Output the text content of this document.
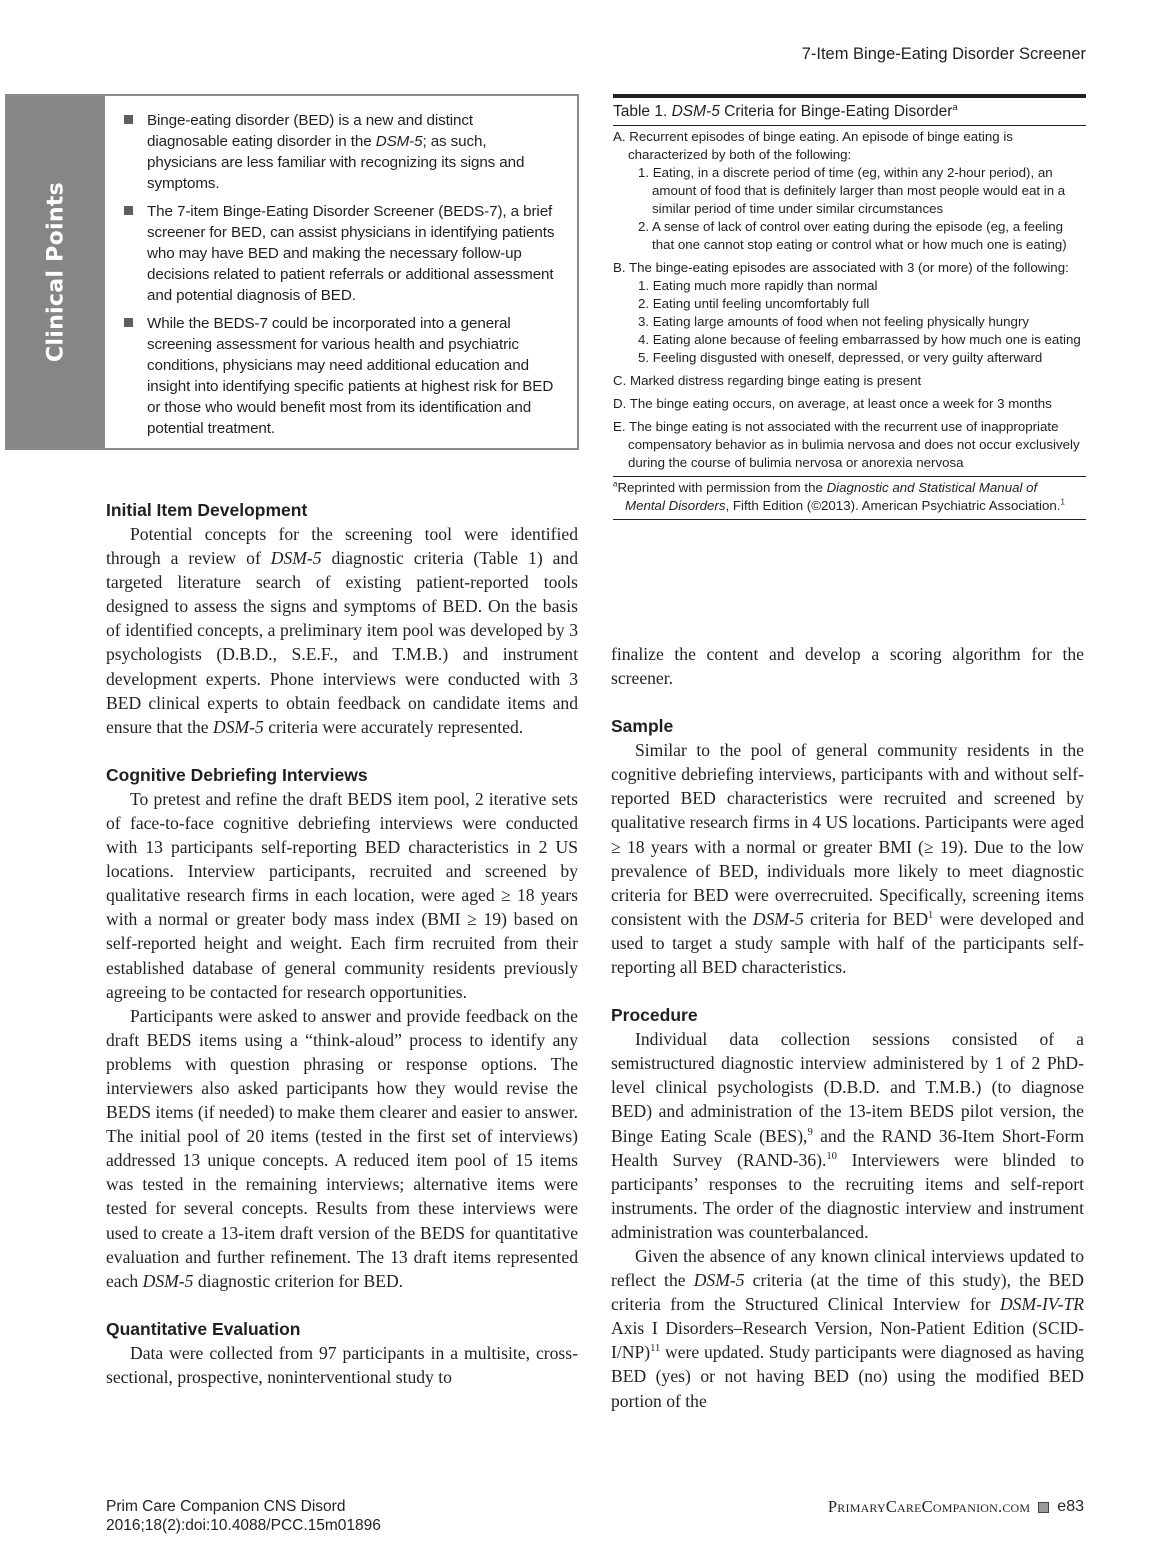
7-Item Binge-Eating Disorder Screener
Clinical Points
Binge-eating disorder (BED) is a new and distinct diagnosable eating disorder in the DSM-5; as such, physicians are less familiar with recognizing its signs and symptoms.
The 7-item Binge-Eating Disorder Screener (BEDS-7), a brief screener for BED, can assist physicians in identifying patients who may have BED and making the necessary follow-up decisions related to patient referrals or additional assessment and potential diagnosis of BED.
While the BEDS-7 could be incorporated into a general screening assessment for various health and psychiatric conditions, physicians may need additional education and insight into identifying specific patients at highest risk for BED or those who would benefit most from its identification and potential treatment.
Table 1. DSM-5 Criteria for Binge-Eating Disorder$^a$
A. Recurrent episodes of binge eating. An episode of binge eating is characterized by both of the following:
1. Eating, in a discrete period of time (eg, within any 2-hour period), an amount of food that is definitely larger than most people would eat in a similar period of time under similar circumstances
2. A sense of lack of control over eating during the episode (eg, a feeling that one cannot stop eating or control what or how much one is eating)
B. The binge-eating episodes are associated with 3 (or more) of the following:
1. Eating much more rapidly than normal
2. Eating until feeling uncomfortably full
3. Eating large amounts of food when not feeling physically hungry
4. Eating alone because of feeling embarrassed by how much one is eating
5. Feeling disgusted with oneself, depressed, or very guilty afterward
C. Marked distress regarding binge eating is present
D. The binge eating occurs, on average, at least once a week for 3 months
E. The binge eating is not associated with the recurrent use of inappropriate compensatory behavior as in bulimia nervosa and does not occur exclusively during the course of bulimia nervosa or anorexia nervosa
$^a$Reprinted with permission from the Diagnostic and Statistical Manual of
Mental Disorders, Fifth Edition (©2013). American Psychiatric Association.$^1$
Initial Item Development
Potential concepts for the screening tool were identified through a review of DSM-5 diagnostic criteria (Table 1) and targeted literature search of existing patient-reported tools designed to assess the signs and symptoms of BED. On the basis of identified concepts, a preliminary item pool was developed by 3 psychologists (D.B.D., S.E.F., and T.M.B.) and instrument development experts. Phone interviews were conducted with 3 BED clinical experts to obtain feedback on candidate items and ensure that the DSM-5 criteria were accurately represented.
Cognitive Debriefing Interviews
To pretest and refine the draft BEDS item pool, 2 iterative sets of face-to-face cognitive debriefing interviews were conducted with 13 participants self-reporting BED characteristics in 2 US locations. Interview participants, recruited and screened by qualitative research firms in each location, were aged ≥ 18 years with a normal or greater body mass index (BMI ≥ 19) based on self-reported height and weight. Each firm recruited from their established database of general community residents previously agreeing to be contacted for research opportunities.
Participants were asked to answer and provide feedback on the draft BEDS items using a “think-aloud” process to identify any problems with question phrasing or response options. The interviewers also asked participants how they would revise the BEDS items (if needed) to make them clearer and easier to answer. The initial pool of 20 items (tested in the first set of interviews) addressed 13 unique concepts. A reduced item pool of 15 items was tested in the remaining interviews; alternative items were tested for several concepts. Results from these interviews were used to create a 13-item draft version of the BEDS for quantitative evaluation and further refinement. The 13 draft items represented each DSM-5 diagnostic criterion for BED.
Quantitative Evaluation
Data were collected from 97 participants in a multisite, cross-sectional, prospective, noninterventional study to
finalize the content and develop a scoring algorithm for the screener.
Sample
Similar to the pool of general community residents in the cognitive debriefing interviews, participants with and without self-reported BED characteristics were recruited and screened by qualitative research firms in 4 US locations. Participants were aged ≥ 18 years with a normal or greater BMI (≥ 19). Due to the low prevalence of BED, individuals more likely to meet diagnostic criteria for BED were overrecruited. Specifically, screening items consistent with the DSM-5 criteria for BED$^1$ were developed and used to target a study sample with half of the participants self-reporting all BED characteristics.
Procedure
Individual data collection sessions consisted of a semistructured diagnostic interview administered by 1 of 2 PhD-level clinical psychologists (D.B.D. and T.M.B.) (to diagnose BED) and administration of the 13-item BEDS pilot version, the Binge Eating Scale (BES),$^9$ and the RAND 36-Item Short-Form Health Survey (RAND-36).$^{10}$ Interviewers were blinded to participants’ responses to the recruiting items and self-report instruments. The order of the diagnostic interview and instrument administration was counterbalanced.
Given the absence of any known clinical interviews updated to reflect the DSM-5 criteria (at the time of this study), the BED criteria from the Structured Clinical Interview for DSM-IV-TR Axis I Disorders–Research Version, Non-Patient Edition (SCID-I/NP)$^{11}$ were updated. Study participants were diagnosed as having BED (yes) or not having BED (no) using the modified BED portion of the
Prim Care Companion CNS Disord
2016;18(2):doi:10.4088/PCC.15m01896
PrimaryCareCompanion.com e83
